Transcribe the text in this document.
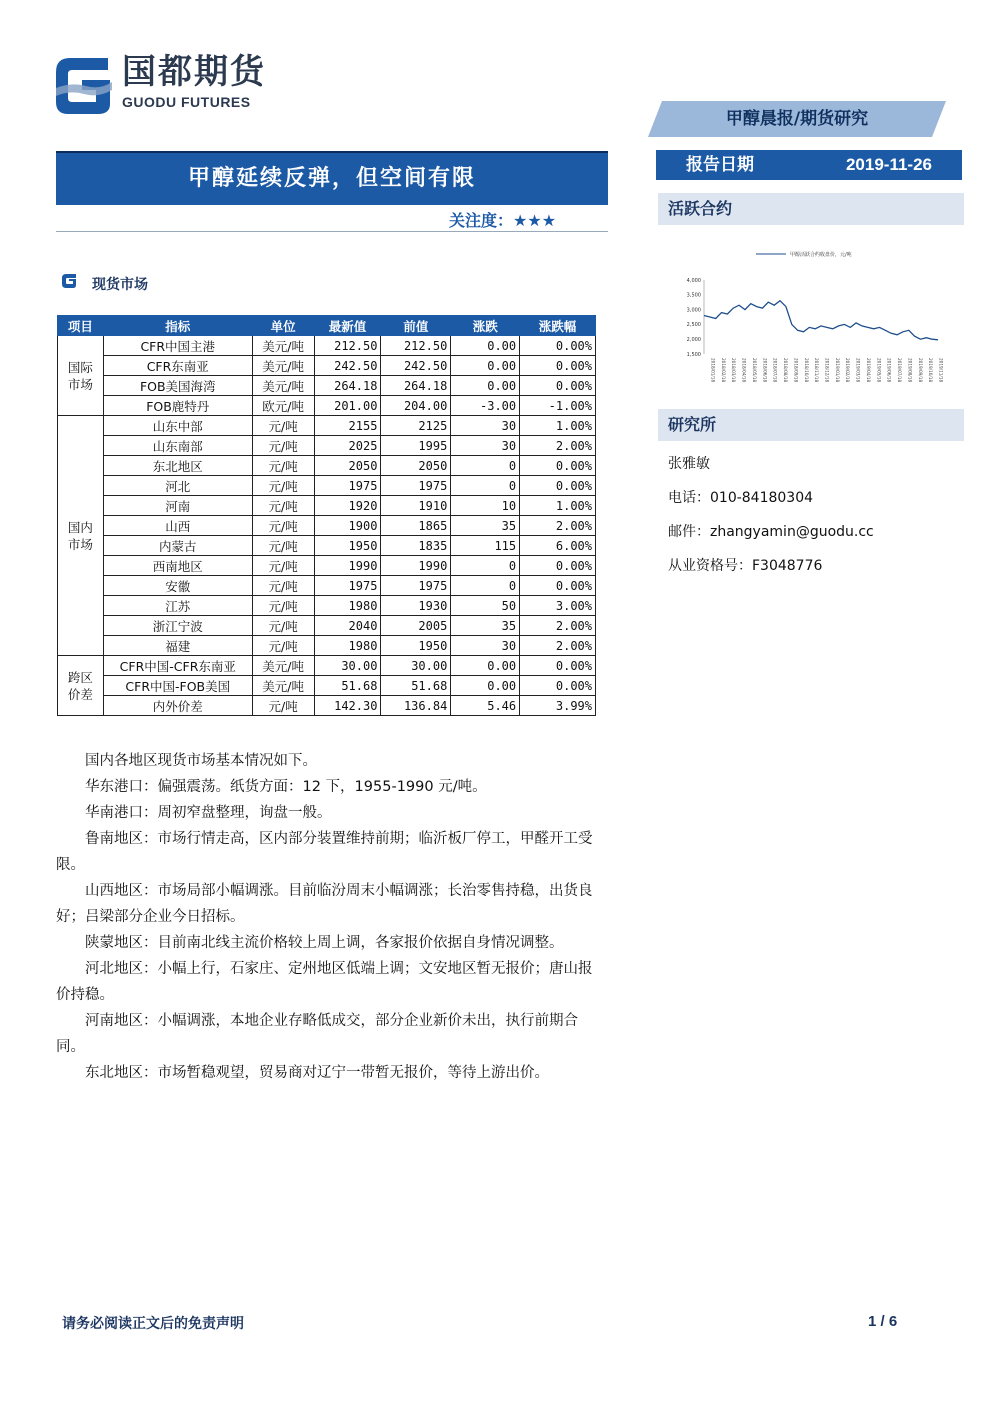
国都期货
GUODU FUTURES
甲醇晨报/期货研究
报告日期	2019-11-26
活跃合约
甲醇活跃合约收盘价，元/吨
4,000
3,500
3,000
2,500
2,000
1,500
2018/01/18 2018/02/18 2018/03/18 2018/04/18 2018/05/18 2018/06/18 2018/07/18 2018/08/18 2018/09/18 2018/10/18 2018/11/18 2018/12/18 2019/01/18 2019/02/18 2019/03/18 2019/04/18 2019/05/18 2019/06/18 2019/07/18 2019/08/18 2019/09/18 2019/10/18 2019/11/18
研究所
张雅敏
电话：010-84180304
邮件：zhangyamin@guodu.cc
从业资格号：F3048776
甲醇延续反弹，但空间有限
关注度：★★★
现货市场
项目	指标	单位	最新值	前值	涨跌	涨跌幅
国际
市场	CFR中国主港	美元/吨	212.50	212.50	0.00	0.00%
	CFR东南亚	美元/吨	242.50	242.50	0.00	0.00%
	FOB美国海湾	美元/吨	264.18	264.18	0.00	0.00%
	FOB鹿特丹	欧元/吨	201.00	204.00	-3.00	-1.00%
国内
市场	山东中部	元/吨	2155	2125	30	1.00%
	山东南部	元/吨	2025	1995	30	2.00%
	东北地区	元/吨	2050	2050	0	0.00%
	河北	元/吨	1975	1975	0	0.00%
	河南	元/吨	1920	1910	10	1.00%
	山西	元/吨	1900	1865	35	2.00%
	内蒙古	元/吨	1950	1835	115	6.00%
	西南地区	元/吨	1990	1990	0	0.00%
	安徽	元/吨	1975	1975	0	0.00%
	江苏	元/吨	1980	1930	50	3.00%
	浙江宁波	元/吨	2040	2005	35	2.00%
	福建	元/吨	1980	1950	30	2.00%
跨区
价差	CFR中国-CFR东南亚	美元/吨	30.00	30.00	0.00	0.00%
	CFR中国-FOB美国	美元/吨	51.68	51.68	0.00	0.00%
	内外价差	元/吨	142.30	136.84	5.46	3.99%

国内各地区现货市场基本情况如下。

华东港口：偏强震荡。纸货方面：12 下，1955-1990 元/吨。

华南港口：周初窄盘整理，询盘一般。

鲁南地区：市场行情走高，区内部分装置维持前期；临沂板厂停工，甲醛开工受限。

山西地区：市场局部小幅调涨。目前临汾周末小幅调涨；长治零售持稳，出货良好；吕梁部分企业今日招标。

陕蒙地区：目前南北线主流价格较上周上调，各家报价依据自身情况调整。

河北地区：小幅上行，石家庄、定州地区低端上调；文安地区暂无报价；唐山报价持稳。

河南地区：小幅调涨，本地企业存略低成交，部分企业新价未出，执行前期合同。

东北地区：市场暂稳观望，贸易商对辽宁一带暂无报价，等待上游出价。

请务必阅读正文后的免责声明	1 / 6
